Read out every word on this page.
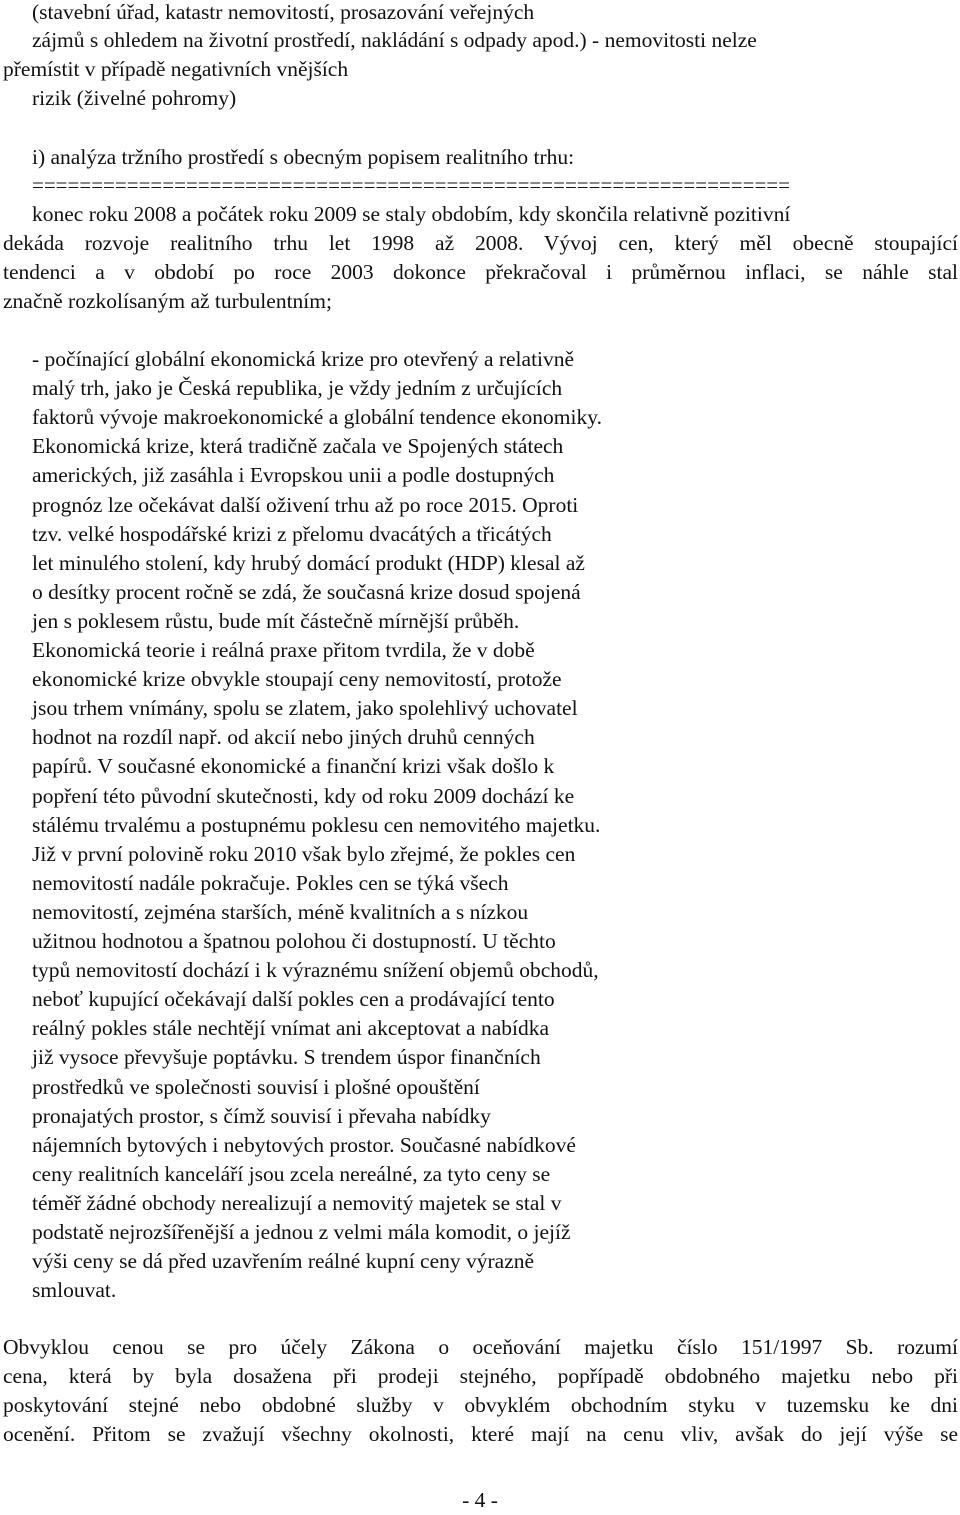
(stavební úřad, katastr nemovitostí, prosazování veřejných
zájmů s ohledem na životní prostředí, nakládání s odpady apod.) - nemovitosti nelze
přemístit v případě negativních vnějších
rizik (živelné pohromy)
i) analýza tržního prostředí s obecným popisem realitního trhu:
================================================================
konec roku 2008 a počátek roku 2009 se staly obdobím, kdy skončila relativně pozitivní
dekáda rozvoje realitního trhu let 1998 až 2008. Vývoj cen, který měl obecně stoupající
tendenci a v období po roce 2003 dokonce překračoval i průměrnou inflaci, se náhle stal
značně rozkolísaným až turbulentním;
- počínající globální ekonomická krize pro otevřený a relativně
malý trh, jako je Česká republika, je vždy jedním z určujících
faktorů vývoje makroekonomické a globální tendence ekonomiky.
Ekonomická krize, která tradičně začala ve Spojených státech
amerických, již zasáhla i Evropskou unii a podle dostupných
prognóz lze očekávat další oživení trhu až po roce 2015. Oproti
tzv. velké hospodářské krizi z přelomu dvacátých a třicátých
let minulého stolení, kdy hrubý domácí produkt (HDP) klesal až
o desítky procent ročně se zdá, že současná krize dosud spojená
jen s poklesem růstu, bude mít částečně mírnější průběh.
Ekonomická teorie i reálná praxe přitom tvrdila, že v době
ekonomické krize obvykle stoupají ceny nemovitostí, protože
jsou trhem vnímány, spolu se zlatem, jako spolehlivý uchovatel
hodnot na rozdíl např. od akcií nebo jiných druhů cenných
papírů. V současné ekonomické a finanční krizi však došlo k
popření této původní skutečnosti, kdy od roku 2009 dochází ke
stálému trvalému a postupnému poklesu cen nemovitého majetku.
Již v první polovině roku 2010 však bylo zřejmé, že pokles cen
nemovitostí nadále pokračuje. Pokles cen se týká všech
nemovitostí, zejména starších, méně kvalitních a s nízkou
užitnou hodnotou a špatnou polohou či dostupností. U těchto
typů nemovitostí dochází i k výraznému snížení objemů obchodů,
neboť kupující očekávají další pokles cen a prodávající tento
reálný pokles stále nechtějí vnímat ani akceptovat a nabídka
již vysoce převyšuje poptávku. S trendem úspor finančních
prostředků ve společnosti souvisí i plošné opouštění
pronajatých prostor, s čímž souvisí i převaha nabídky
nájemních bytových i nebytových prostor. Současné nabídkové
ceny realitních kanceláří jsou zcela nereálné, za tyto ceny se
téměř žádné obchody nerealizují a nemovitý majetek se stal v
podstatě nejrozšířenější a jednou z velmi mála komodit, o jejíž
výši ceny se dá před uzavřením reálné kupní ceny výrazně
smlouvat.
Obvyklou cenou se pro účely Zákona o oceňování majetku číslo 151/1997 Sb. rozumí
cena, která by byla dosažena při prodeji stejného, popřípadě obdobného majetku nebo při
poskytování stejné nebo obdobné služby v obvyklém obchodním styku v tuzemsku ke dni
ocenění. Přitom se zvažují všechny okolnosti, které mají na cenu vliv, avšak do její výše se
- 4 -
